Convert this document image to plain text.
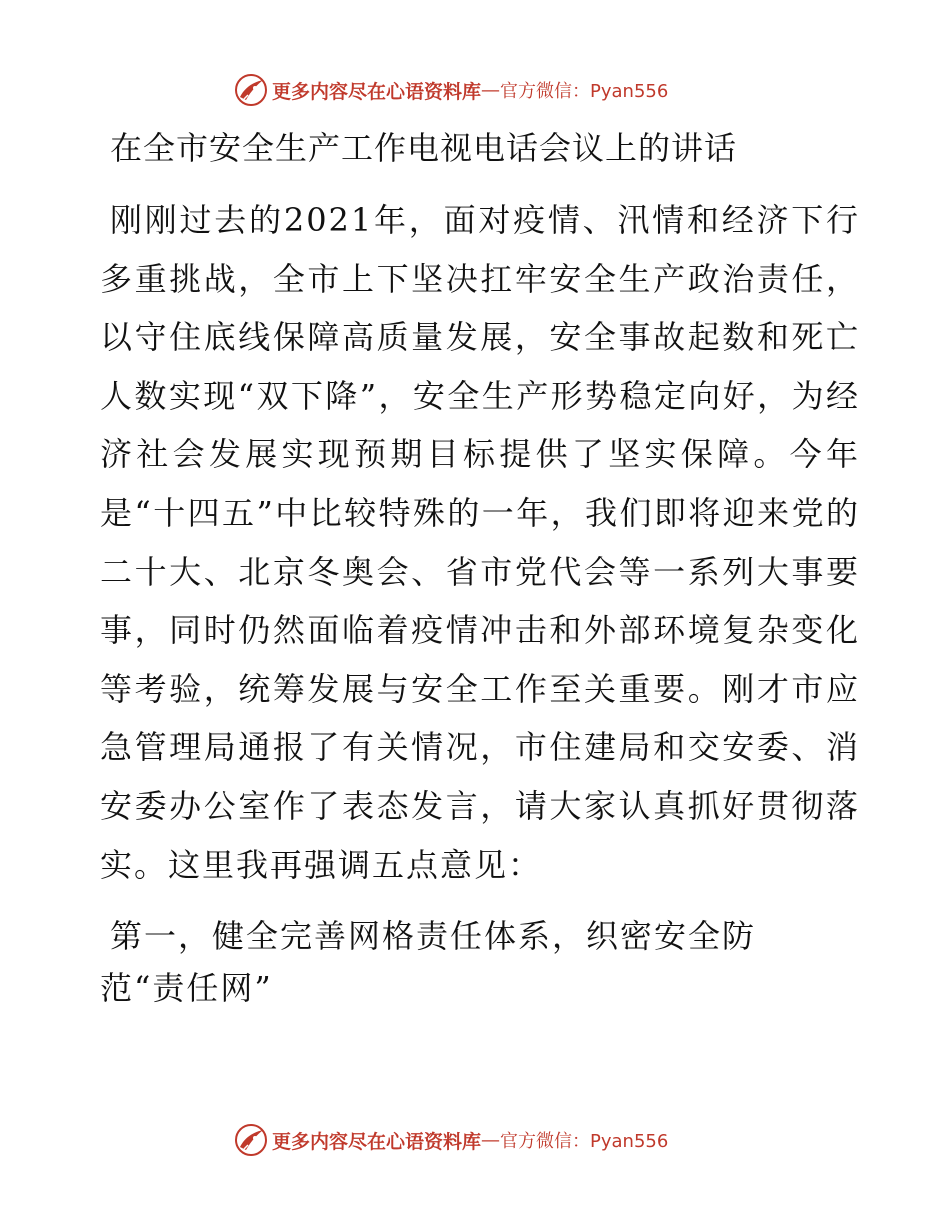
更多内容尽在心语资料库 — 官方微信：Pyan556
在全市安全生产工作电视电话会议上的讲话

刚刚过去的2021年，面对疫情、汛情和经济下行多重挑战，全市上下坚决扛牢安全生产政治责任，以守住底线保障高质量发展，安全事故起数和死亡人数实现“双下降”，安全生产形势稳定向好，为经济社会发展实现预期目标提供了坚实保障。今年是“十四五”中比较特殊的一年，我们即将迎来党的二十大、北京冬奥会、省市党代会等一系列大事要事，同时仍然面临着疫情冲击和外部环境复杂变化等考验，统筹发展与安全工作至关重要。刚才市应急管理局通报了有关情况，市住建局和交安委、消安委办公室作了表态发言，请大家认真抓好贯彻落实。这里我再强调五点意见：

第一，健全完善网格责任体系，织密安全防范“责任网”
更多内容尽在心语资料库 — 官方微信：Pyan556
